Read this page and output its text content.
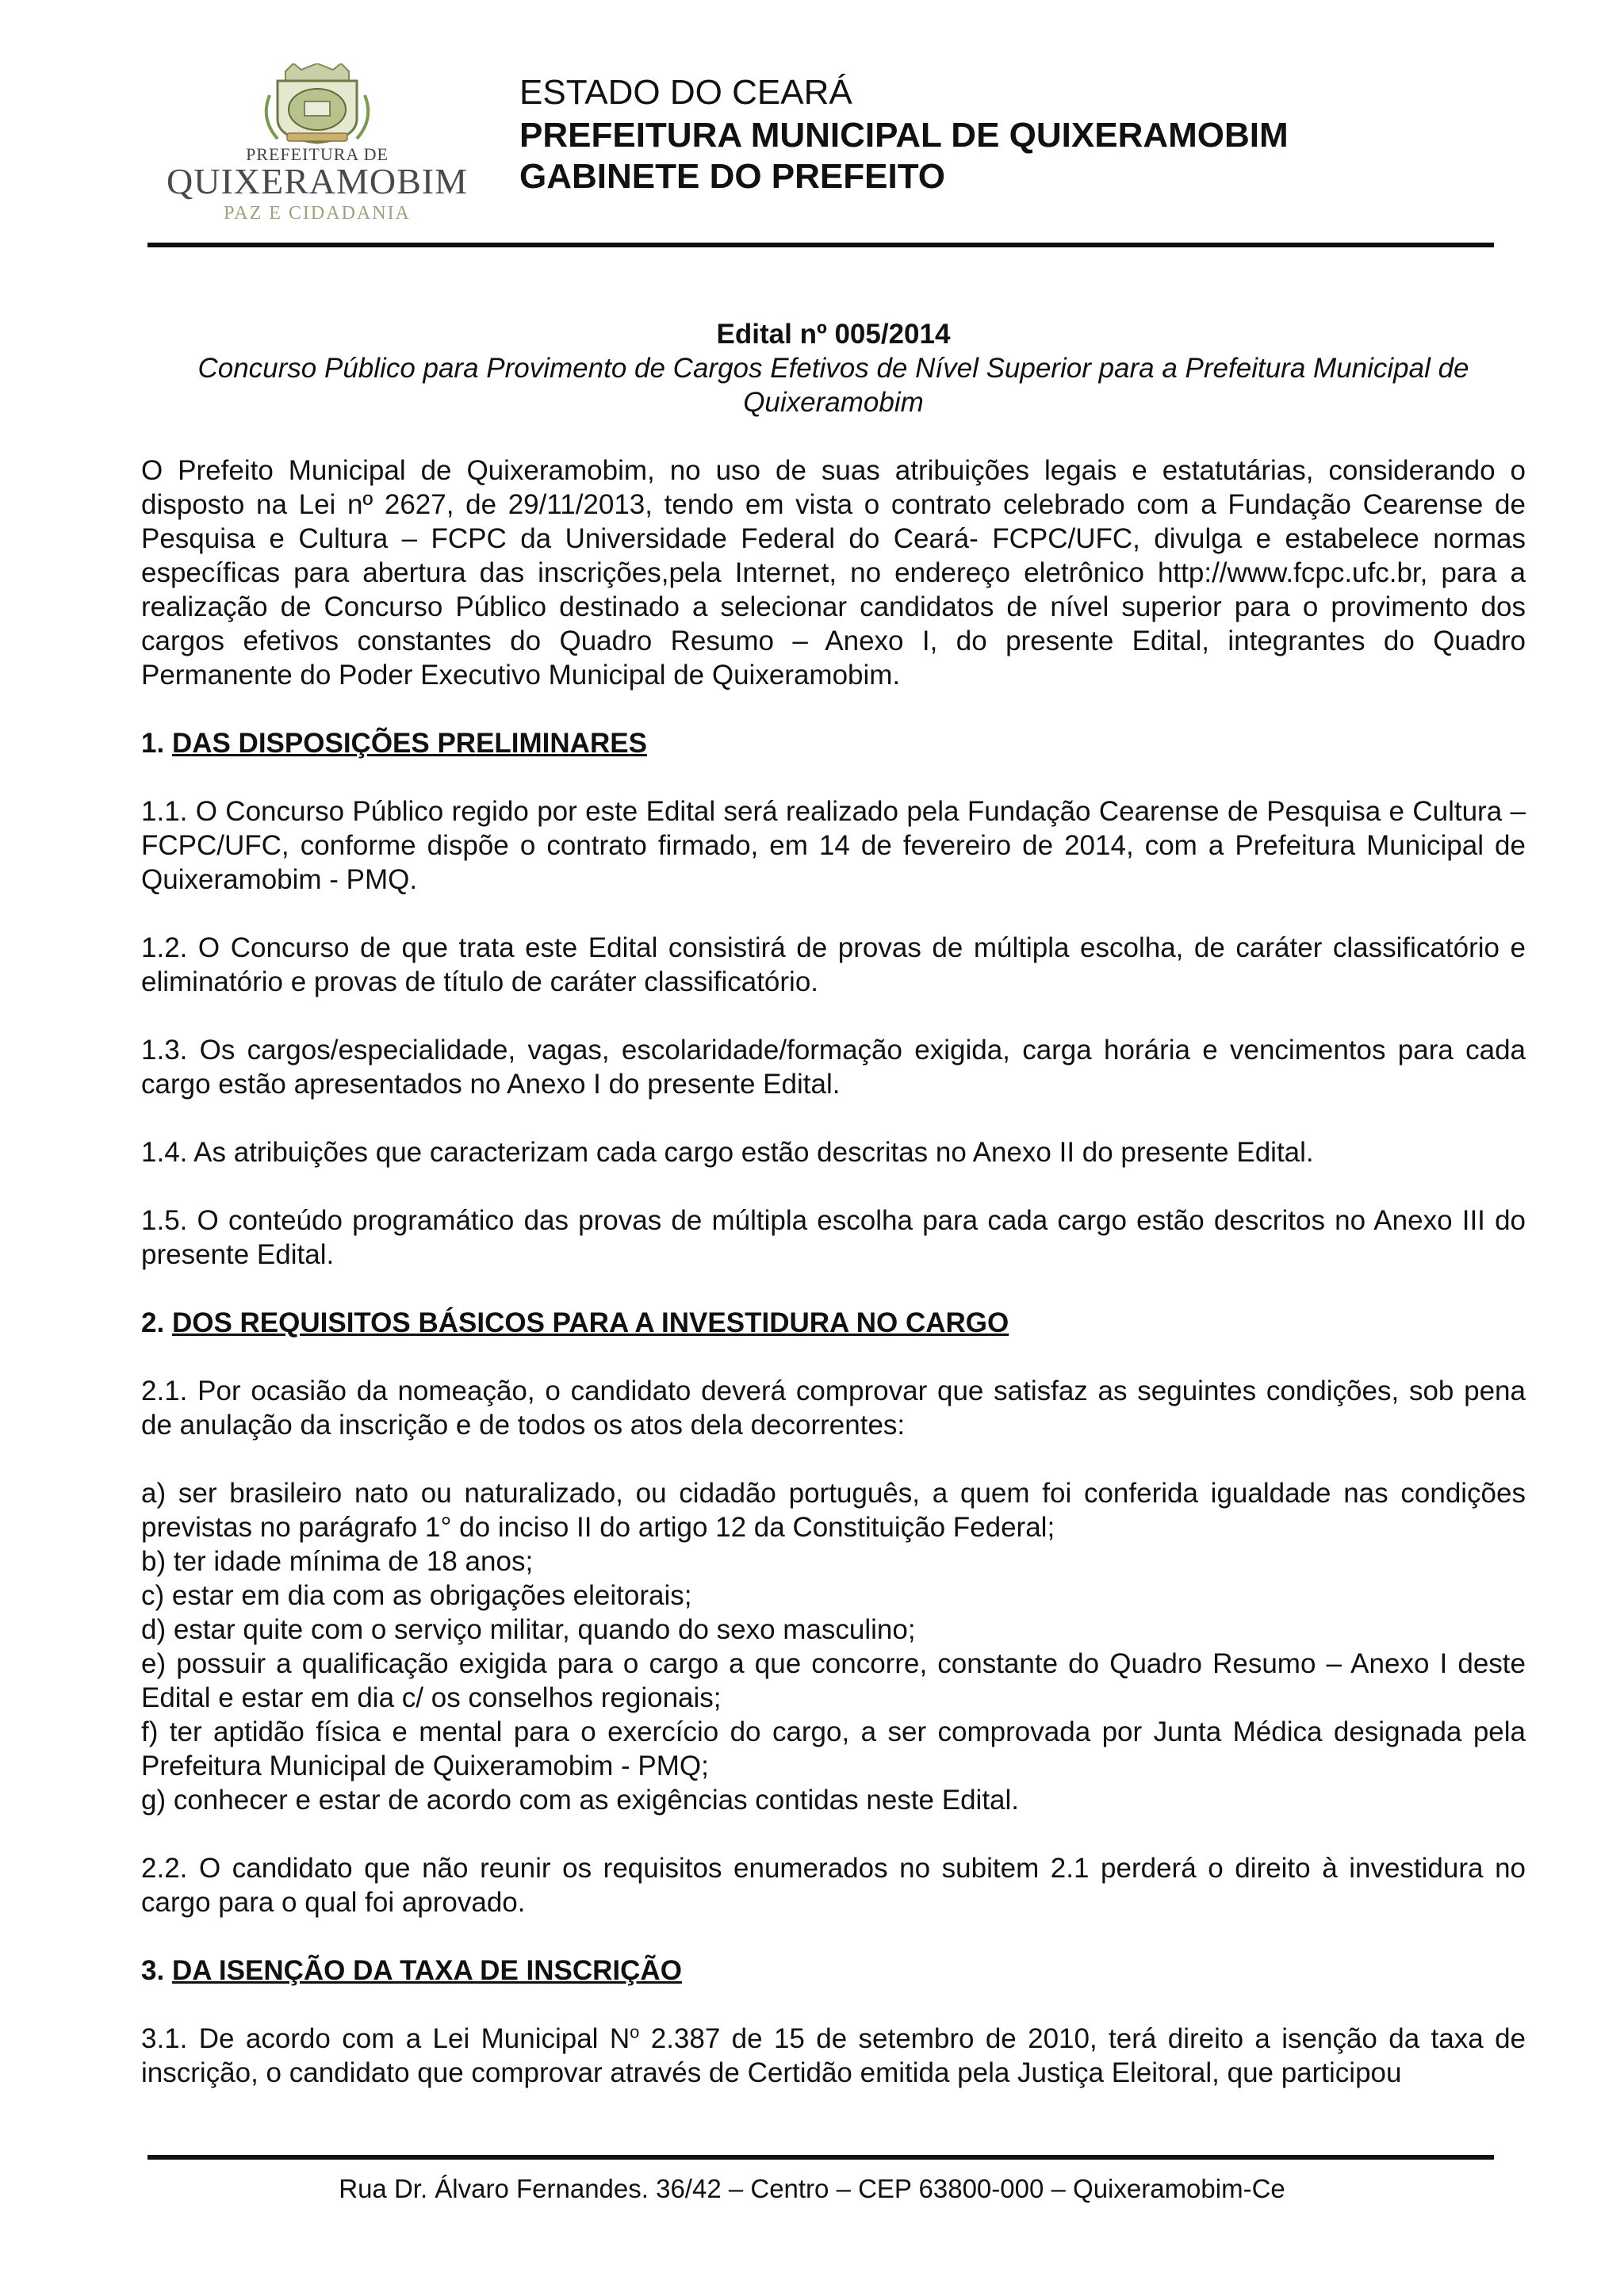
PREFEITURA DE
QUIXERAMOBIM
PAZ E CIDADANIA
ESTADO DO CEARÁ
PREFEITURA MUNICIPAL DE QUIXERAMOBIM
GABINETE DO PREFEITO
Edital nº 005/2014
Concurso Público para Provimento de Cargos Efetivos de Nível Superior para a Prefeitura Municipal de Quixeramobim

O Prefeito Municipal de Quixeramobim, no uso de suas atribuições legais e estatutárias, considerando o disposto na Lei nº 2627, de 29/11/2013, tendo em vista o contrato celebrado com a Fundação Cearense de Pesquisa e Cultura – FCPC da Universidade Federal do Ceará- FCPC/UFC, divulga e estabelece normas específicas para abertura das inscrições,pela Internet, no endereço eletrônico http://www.fcpc.ufc.br, para a realização de Concurso Público destinado a selecionar candidatos de nível superior para o provimento dos cargos efetivos constantes do Quadro Resumo – Anexo I, do presente Edital, integrantes do Quadro Permanente do Poder Executivo Municipal de Quixeramobim.

1. DAS DISPOSIÇÕES PRELIMINARES

1.1. O Concurso Público regido por este Edital será realizado pela Fundação Cearense de Pesquisa e Cultura – FCPC/UFC, conforme dispõe o contrato firmado, em 14 de fevereiro de 2014, com a Prefeitura Municipal de Quixeramobim - PMQ.

1.2. O Concurso de que trata este Edital consistirá de provas de múltipla escolha, de caráter classificatório e eliminatório e provas de título de caráter classificatório.

1.3. Os cargos/especialidade, vagas, escolaridade/formação exigida, carga horária e vencimentos para cada cargo estão apresentados no Anexo I do presente Edital.

1.4. As atribuições que caracterizam cada cargo estão descritas no Anexo II do presente Edital.

1.5. O conteúdo programático das provas de múltipla escolha para cada cargo estão descritos no Anexo III do presente Edital.

2. DOS REQUISITOS BÁSICOS PARA A INVESTIDURA NO CARGO

2.1. Por ocasião da nomeação, o candidato deverá comprovar que satisfaz as seguintes condições, sob pena de anulação da inscrição e de todos os atos dela decorrentes:

a) ser brasileiro nato ou naturalizado, ou cidadão português, a quem foi conferida igualdade nas condições previstas no parágrafo 1° do inciso II do artigo 12 da Constituição Federal;

b) ter idade mínima de 18 anos;

c) estar em dia com as obrigações eleitorais;

d) estar quite com o serviço militar, quando do sexo masculino;

e) possuir a qualificação exigida para o cargo a que concorre, constante do Quadro Resumo – Anexo I deste Edital e estar em dia c/ os conselhos regionais;

f) ter aptidão física e mental para o exercício do cargo, a ser comprovada por Junta Médica designada pela Prefeitura Municipal de Quixeramobim - PMQ;

g) conhecer e estar de acordo com as exigências contidas neste Edital.

2.2. O candidato que não reunir os requisitos enumerados no subitem 2.1 perderá o direito à investidura no cargo para o qual foi aprovado.

3. DA ISENÇÃO DA TAXA DE INSCRIÇÃO

3.1. De acordo com a Lei Municipal $N^o$ 2.387 de 15 de setembro de 2010, terá direito a isenção da taxa de inscrição, o candidato que comprovar através de Certidão emitida pela Justiça Eleitoral, que participou

Rua Dr. Álvaro Fernandes. 36/42 – Centro – CEP 63800-000 – Quixeramobim-Ce
